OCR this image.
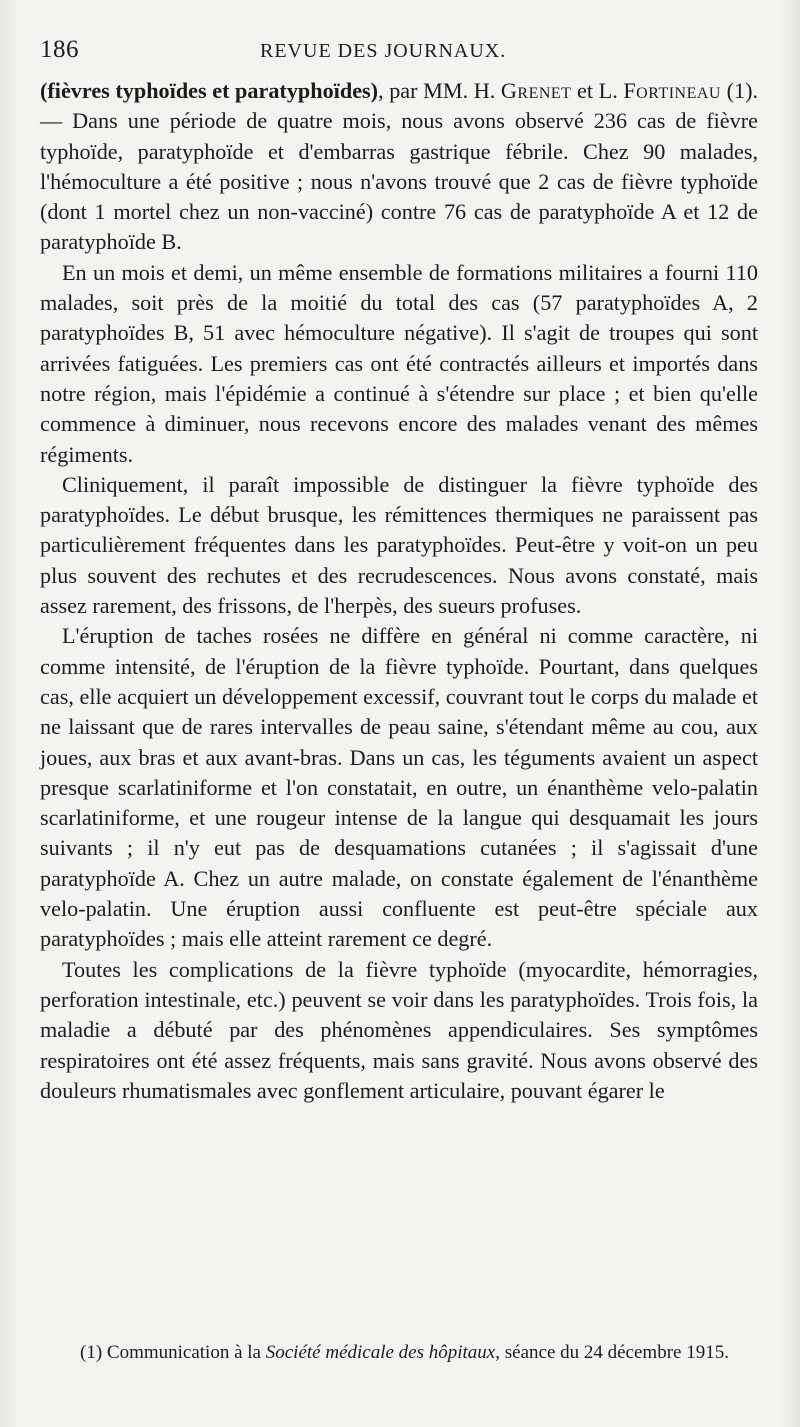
186	REVUE DES JOURNAUX.

(fièvres typhoïdes et paratyphoïdes), par MM. H. Grenet et L. Fortineau (1). — Dans une période de quatre mois, nous avons observé 236 cas de fièvre typhoïde, paratyphoïde et d'embarras gastrique fébrile. Chez 90 malades, l'hémoculture a été positive ; nous n'avons trouvé que 2 cas de fièvre typhoïde (dont 1 mortel chez un non-vacciné) contre 76 cas de paratyphoïde A et 12 de paratyphoïde B.

En un mois et demi, un même ensemble de formations militaires a fourni 110 malades, soit près de la moitié du total des cas (57 paratyphoïdes A, 2 paratyphoïdes B, 51 avec hémoculture négative). Il s'agit de troupes qui sont arrivées fatiguées. Les premiers cas ont été contractés ailleurs et importés dans notre région, mais l'épidémie a continué à s'étendre sur place ; et bien qu'elle commence à diminuer, nous recevons encore des malades venant des mêmes régiments.

Cliniquement, il paraît impossible de distinguer la fièvre typhoïde des paratyphoïdes. Le début brusque, les rémittences thermiques ne paraissent pas particulièrement fréquentes dans les paratyphoïdes. Peut-être y voit-on un peu plus souvent des rechutes et des recrudescences. Nous avons constaté, mais assez rarement, des frissons, de l'herpès, des sueurs profuses.

L'éruption de taches rosées ne diffère en général ni comme caractère, ni comme intensité, de l'éruption de la fièvre typhoïde. Pourtant, dans quelques cas, elle acquiert un développement excessif, couvrant tout le corps du malade et ne laissant que de rares intervalles de peau saine, s'étendant même au cou, aux joues, aux bras et aux avant-bras. Dans un cas, les téguments avaient un aspect presque scarlatiniforme et l'on constatait, en outre, un énanthème velo-palatin scarlatiniforme, et une rougeur intense de la langue qui desquamait les jours suivants ; il n'y eut pas de desquamations cutanées ; il s'agissait d'une paratyphoïde A. Chez un autre malade, on constate également de l'énanthème velo-palatin. Une éruption aussi confluente est peut-être spéciale aux paratyphoïdes ; mais elle atteint rarement ce degré.

Toutes les complications de la fièvre typhoïde (myocardite, hémorragies, perforation intestinale, etc.) peuvent se voir dans les paratyphoïdes. Trois fois, la maladie a débuté par des phénomènes appendiculaires. Ses symptômes respiratoires ont été assez fréquents, mais sans gravité. Nous avons observé des douleurs rhumatismales avec gonflement articulaire, pouvant égarer le

(1) Communication à la Société médicale des hôpitaux, séance du 24 décembre 1915.
